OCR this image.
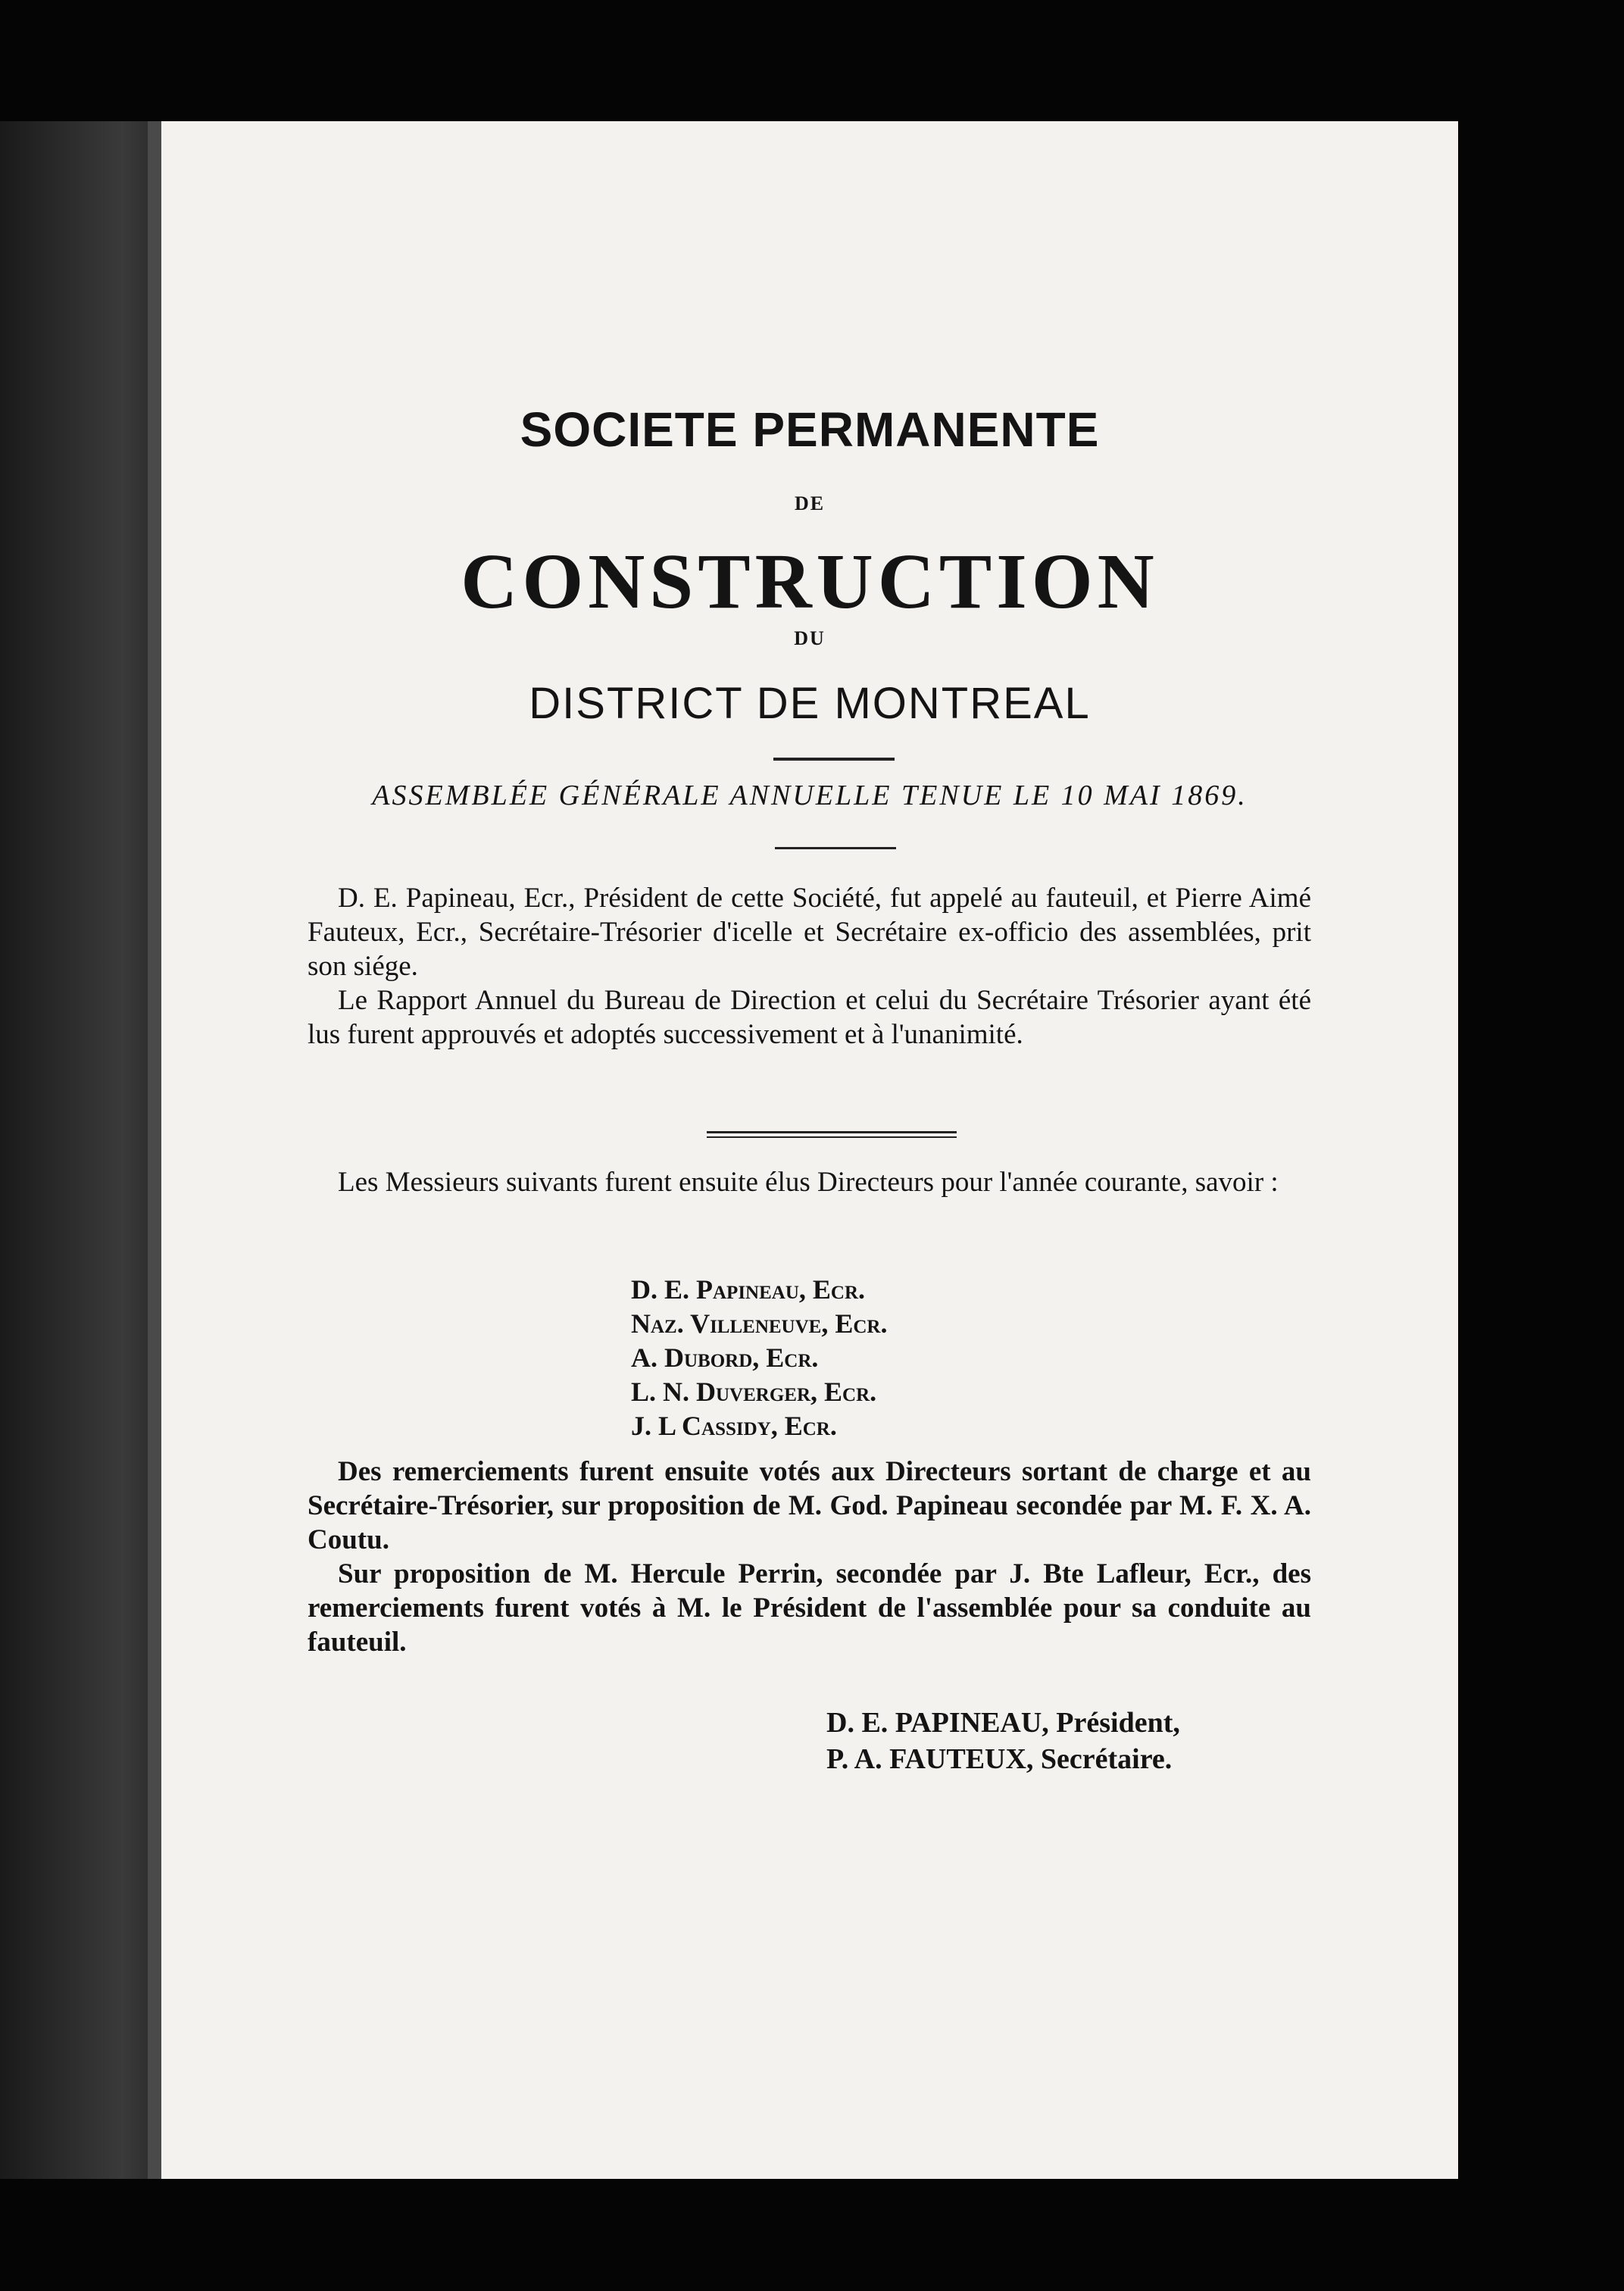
SOCIETE PERMANENTE
DE
CONSTRUCTION
DU
DISTRICT DE MONTREAL
ASSEMBLÉE GÉNÉRALE ANNUELLE TENUE LE 10 MAI 1869.

D. E. Papineau, Ecr., Président de cette Société, fut appelé au fauteuil, et Pierre Aimé Fauteux, Ecr., Secrétaire-Trésorier d'icelle et Secrétaire ex-officio des assemblées, prit son siége.

Le Rapport Annuel du Bureau de Direction et celui du Secrétaire Trésorier ayant été lus furent approuvés et adoptés successivement et à l'unanimité.

Les Messieurs suivants furent ensuite élus Directeurs pour l'année courante, savoir :

D. E. Papineau, Ecr.
Naz. Villeneuve, Ecr.
A. Dubord, Ecr.
L. N. Duverger, Ecr.
J. L Cassidy, Ecr.

Des remerciements furent ensuite votés aux Directeurs sortant de charge et au Secrétaire-Trésorier, sur proposition de M. God. Papineau secondée par M. F. X. A. Coutu.

Sur proposition de M. Hercule Perrin, secondée par J. Bte Lafleur, Ecr., des remerciements furent votés à M. le Président de l'assemblée pour sa conduite au fauteuil.

D. E. PAPINEAU, Président,
P. A. FAUTEUX, Secrétaire.
